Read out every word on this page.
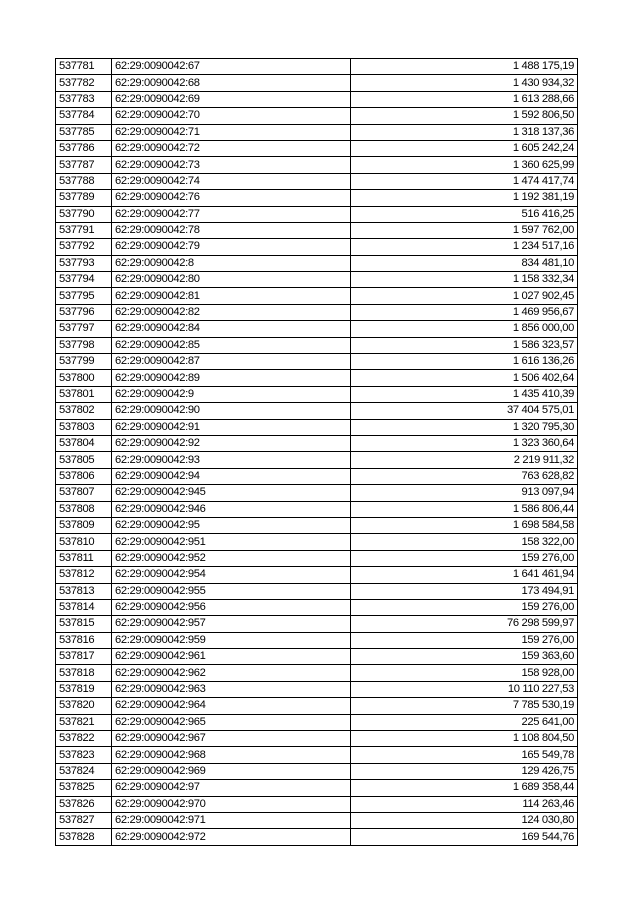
537781	62:29:0090042:67	1 488 175,19
537782	62:29:0090042:68	1 430 934,32
537783	62:29:0090042:69	1 613 288,66
537784	62:29:0090042:70	1 592 806,50
537785	62:29:0090042:71	1 318 137,36
537786	62:29:0090042:72	1 605 242,24
537787	62:29:0090042:73	1 360 625,99
537788	62:29:0090042:74	1 474 417,74
537789	62:29:0090042:76	1 192 381,19
537790	62:29:0090042:77	516 416,25
537791	62:29:0090042:78	1 597 762,00
537792	62:29:0090042:79	1 234 517,16
537793	62:29:0090042:8	834 481,10
537794	62:29:0090042:80	1 158 332,34
537795	62:29:0090042:81	1 027 902,45
537796	62:29:0090042:82	1 469 956,67
537797	62:29:0090042:84	1 856 000,00
537798	62:29:0090042:85	1 586 323,57
537799	62:29:0090042:87	1 616 136,26
537800	62:29:0090042:89	1 506 402,64
537801	62:29:0090042:9	1 435 410,39
537802	62:29:0090042:90	37 404 575,01
537803	62:29:0090042:91	1 320 795,30
537804	62:29:0090042:92	1 323 360,64
537805	62:29:0090042:93	2 219 911,32
537806	62:29:0090042:94	763 628,82
537807	62:29:0090042:945	913 097,94
537808	62:29:0090042:946	1 586 806,44
537809	62:29:0090042:95	1 698 584,58
537810	62:29:0090042:951	158 322,00
537811	62:29:0090042:952	159 276,00
537812	62:29:0090042:954	1 641 461,94
537813	62:29:0090042:955	173 494,91
537814	62:29:0090042:956	159 276,00
537815	62:29:0090042:957	76 298 599,97
537816	62:29:0090042:959	159 276,00
537817	62:29:0090042:961	159 363,60
537818	62:29:0090042:962	158 928,00
537819	62:29:0090042:963	10 110 227,53
537820	62:29:0090042:964	7 785 530,19
537821	62:29:0090042:965	225 641,00
537822	62:29:0090042:967	1 108 804,50
537823	62:29:0090042:968	165 549,78
537824	62:29:0090042:969	129 426,75
537825	62:29:0090042:97	1 689 358,44
537826	62:29:0090042:970	114 263,46
537827	62:29:0090042:971	124 030,80
537828	62:29:0090042:972	169 544,76
